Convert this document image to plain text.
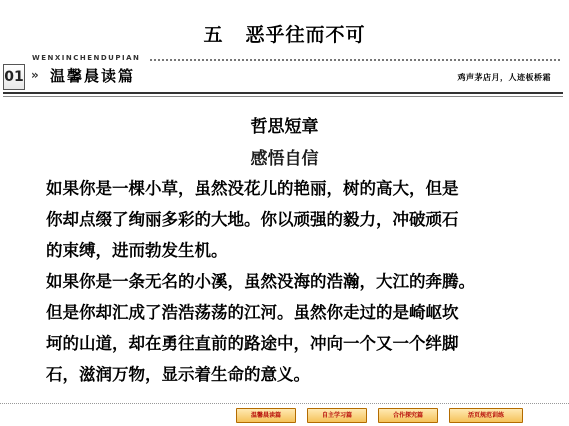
五 恶乎往而不可
01
WENXINCHENDUPIAN
» 温馨晨读篇	鸡声茅店月，人迹板桥霜
哲思短章
感悟自信
如果你是一棵小草，虽然没花儿的艳丽，树的高大，但是
你却点缀了绚丽多彩的大地。你以顽强的毅力，冲破顽石
的束缚，进而勃发生机。
如果你是一条无名的小溪，虽然没海的浩瀚，大江的奔腾。
但是你却汇成了浩浩荡荡的江河。虽然你走过的是崎岖坎
坷的山道，却在勇往直前的路途中，冲向一个又一个绊脚
石，滋润万物，显示着生命的意义。
温馨晨读篇	自主学习篇	合作探究篇	活页规范训练
